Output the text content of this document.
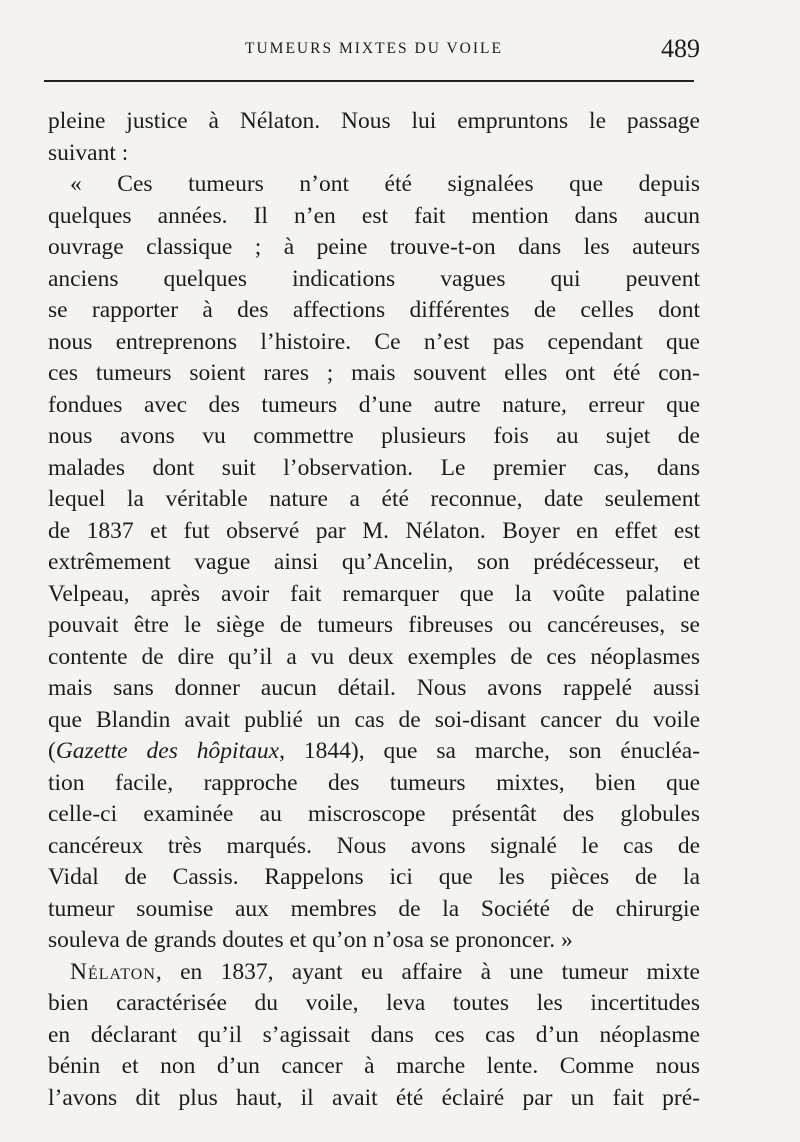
TUMEURS MIXTES DU VOILE	489
pleine justice à Nélaton. Nous lui empruntons le passage
suivant :
« Ces tumeurs n’ont été signalées que depuis
quelques années. Il n’en est fait mention dans aucun
ouvrage classique ; à peine trouve-t-on dans les auteurs
anciens quelques indications vagues qui peuvent
se rapporter à des affections différentes de celles dont
nous entreprenons l’histoire. Ce n’est pas cependant que
ces tumeurs soient rares ; mais souvent elles ont été con-
fondues avec des tumeurs d’une autre nature, erreur que
nous avons vu commettre plusieurs fois au sujet de
malades dont suit l’observation. Le premier cas, dans
lequel la véritable nature a été reconnue, date seulement
de 1837 et fut observé par M. Nélaton. Boyer en effet est
extrêmement vague ainsi qu’Ancelin, son prédécesseur, et
Velpeau, après avoir fait remarquer que la voûte palatine
pouvait être le siège de tumeurs fibreuses ou cancéreuses, se
contente de dire qu’il a vu deux exemples de ces néoplasmes
mais sans donner aucun détail. Nous avons rappelé aussi
que Blandin avait publié un cas de soi-disant cancer du voile
(Gazette des hôpitaux, 1844), que sa marche, son énucléa-
tion facile, rapproche des tumeurs mixtes, bien que
celle-ci examinée au miscroscope présentât des globules
cancéreux très marqués. Nous avons signalé le cas de
Vidal de Cassis. Rappelons ici que les pièces de la
tumeur soumise aux membres de la Société de chirurgie
souleva de grands doutes et qu’on n’osa se prononcer. »
Nélaton, en 1837, ayant eu affaire à une tumeur mixte
bien caractérisée du voile, leva toutes les incertitudes
en déclarant qu’il s’agissait dans ces cas d’un néoplasme
bénin et non d’un cancer à marche lente. Comme nous
l’avons dit plus haut, il avait été éclairé par un fait pré-
